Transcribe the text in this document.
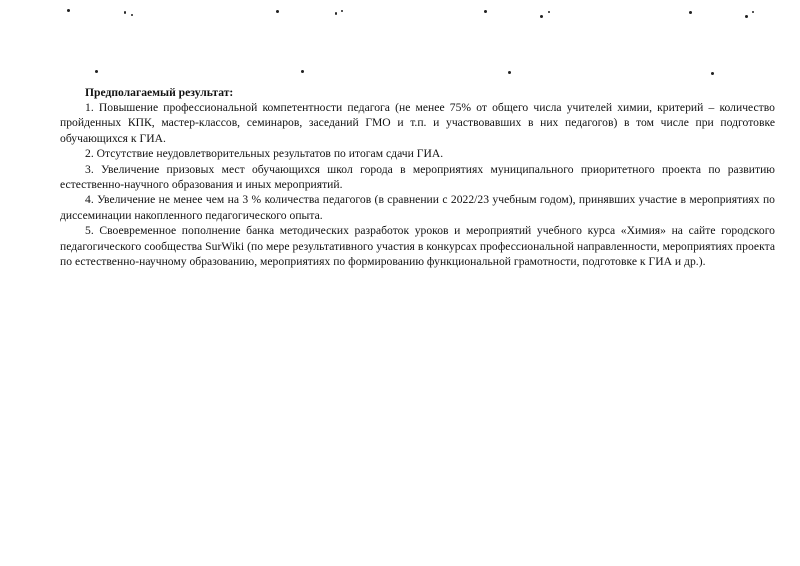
Предполагаемый результат:

1. Повышение профессиональной компетентности педагога (не менее 75% от общего числа учителей химии, критерий – количество пройденных КПК, мастер-классов, семинаров, заседаний ГМО и т.п. и участвовавших в них педагогов) в том числе при подготовке обучающихся к ГИА.

2. Отсутствие неудовлетворительных результатов по итогам сдачи ГИА.

3. Увеличение призовых мест обучающихся школ города в мероприятиях муниципального приоритетного проекта по развитию естественно-научного образования и иных мероприятий.

4. Увеличение не менее чем на 3 % количества педагогов (в сравнении с 2022/23 учебным годом), принявших участие в мероприятиях по диссеминации накопленного педагогического опыта.

5. Своевременное пополнение банка методических разработок уроков и мероприятий учебного курса «Химия» на сайте городского педагогического сообщества SurWiki (по мере результативного участия в конкурсах профессиональной направленности, мероприятиях проекта по естественно-научному образованию, мероприятиях по формированию функциональной грамотности, подготовке к ГИА и др.).
